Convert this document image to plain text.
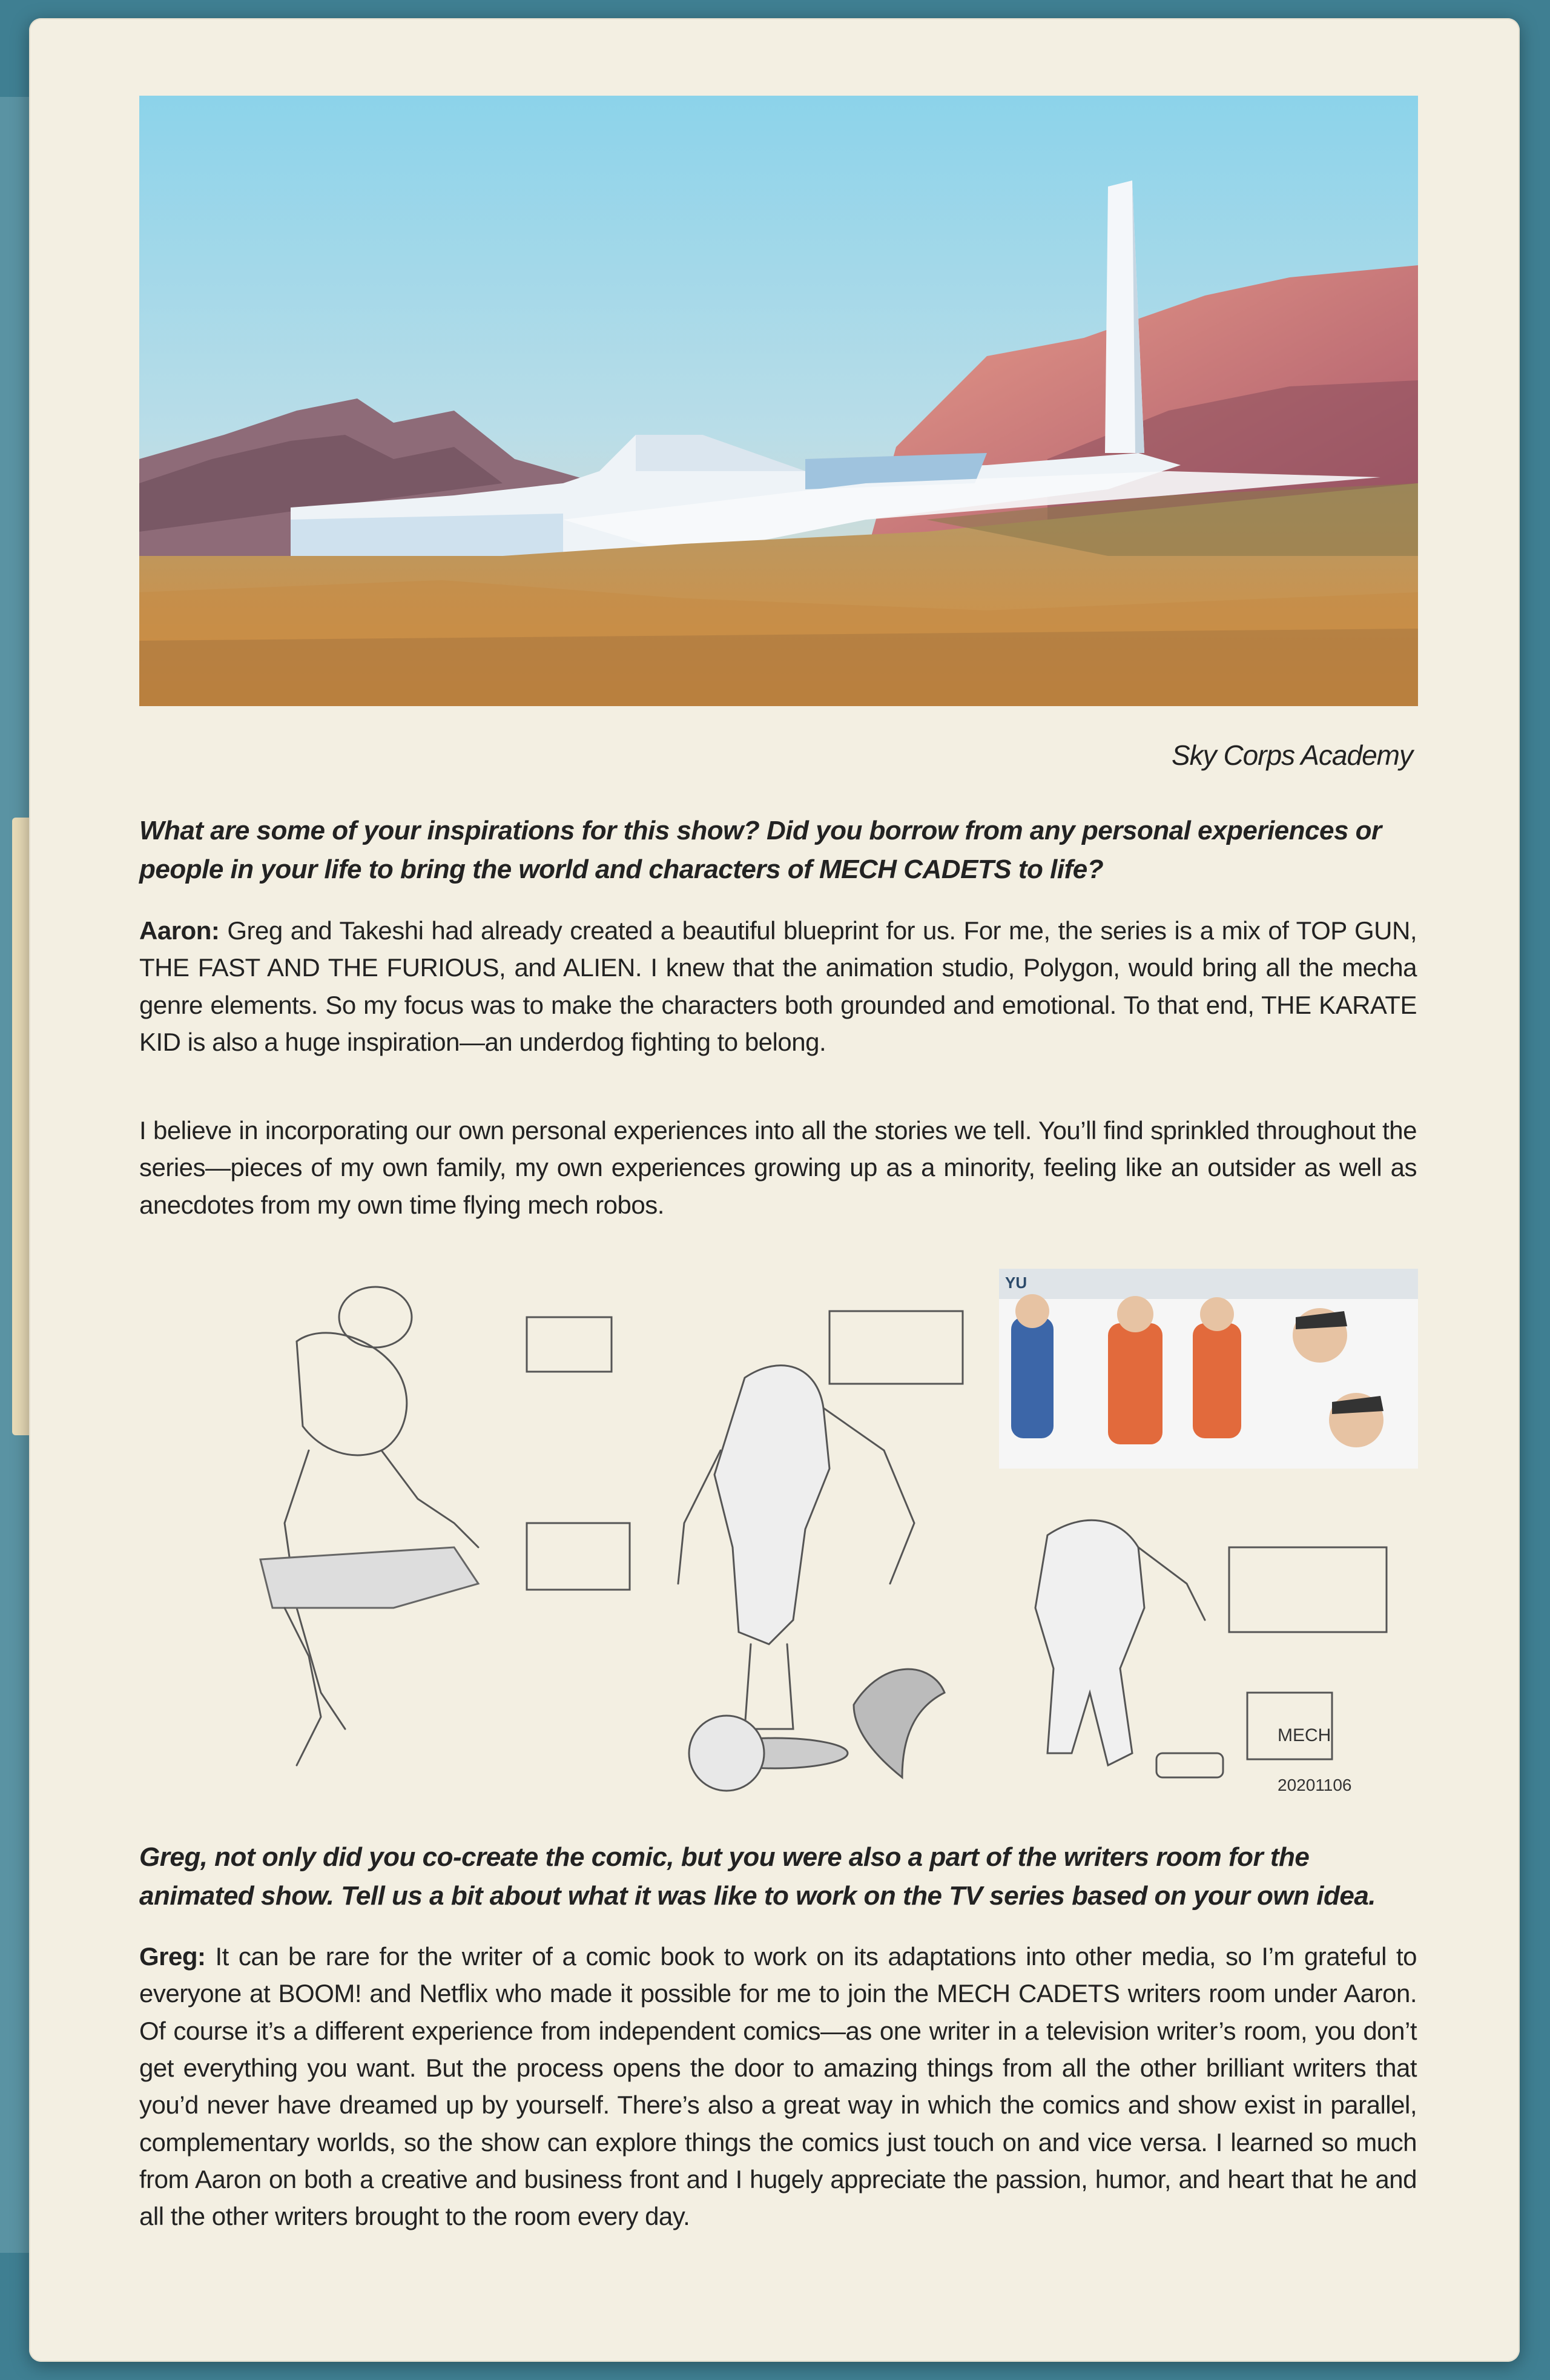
Sky Corps Academy
What are some of your inspirations for this show? Did you borrow from any personal experiences or people in your life to bring the world and characters of MECH CADETS to life?
Aaron: Greg and Takeshi had already created a beautiful blueprint for us. For me, the series is a mix of TOP GUN, THE FAST AND THE FURIOUS, and ALIEN. I knew that the animation studio, Polygon, would bring all the mecha genre elements. So my focus was to make the characters both grounded and emotional. To that end, THE KARATE KID is also a huge inspiration—an underdog fighting to belong.
I believe in incorporating our own personal experiences into all the stories we tell. You’ll find sprinkled throughout the series—pieces of my own family, my own experiences growing up as a minority, feeling like an outsider as well as anecdotes from my own time flying mech robos.
YU
MECH
20201106
Greg, not only did you co-create the comic, but you were also a part of the writers room for the animated show. Tell us a bit about what it was like to work on the TV series based on your own idea.
Greg: It can be rare for the writer of a comic book to work on its adaptations into other media, so I’m grateful to everyone at BOOM! and Netflix who made it possible for me to join the MECH CADETS writers room under Aaron. Of course it’s a different experience from independent comics—as one writer in a television writer’s room, you don’t get everything you want. But the process opens the door to amazing things from all the other brilliant writers that you’d never have dreamed up by yourself. There’s also a great way in which the comics and show exist in parallel, complementary worlds, so the show can explore things the comics just touch on and vice versa. I learned so much from Aaron on both a creative and business front and I hugely appreciate the passion, humor, and heart that he and all the other writers brought to the room every day.
